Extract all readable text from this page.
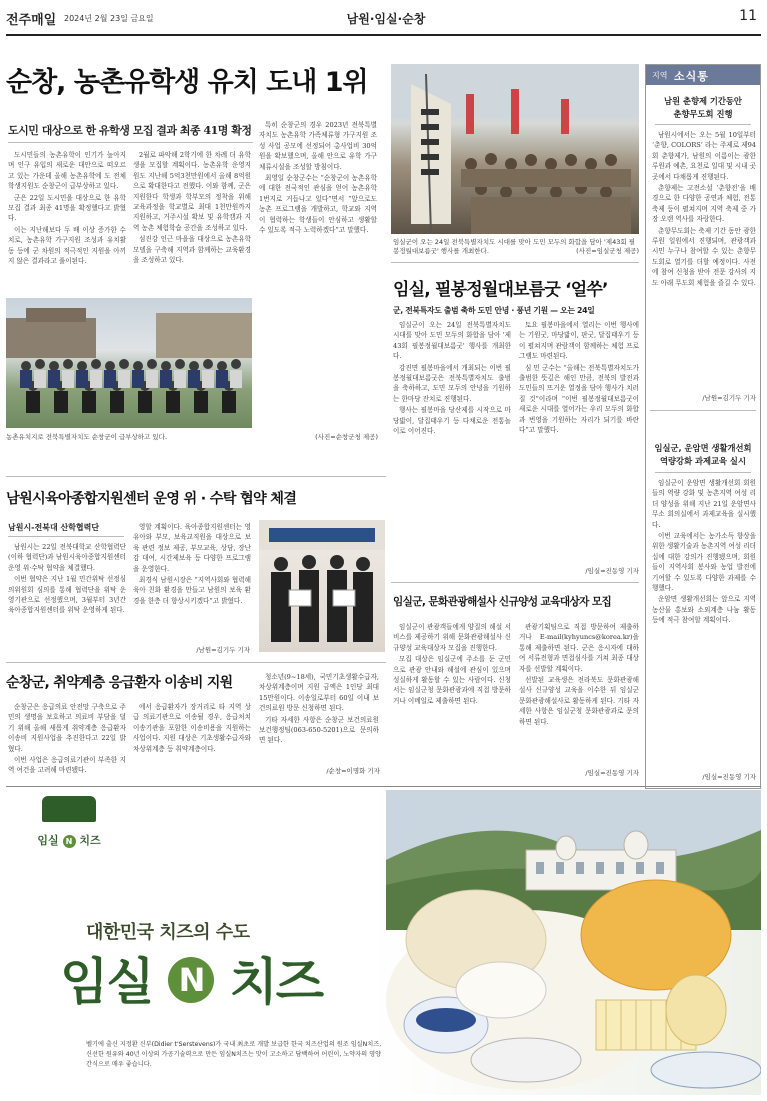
전주매일 2024년 2월 23일 금요일	남원·임실·순창	11
순창, 농촌유학생 유치 도내 1위
도시민 대상으로 한 유학생 모집 결과 최종 41명 확정

도시민들의 농촌유학이 인기가 높아지며 인구 유입의 새로운 대안으로 떠오르고 있는 가운데 올해 농촌유학에 도 전체학생지원도 순창군이 급부상하고 있다.

군은 22일 도시민을 대상으로 한 유학 모집 결과 최종 41명을 확정했다고 밝혔다.

이는 지난해보다 두 배 이상 증가한 수치로, 농촌유학 가구지원 조성과 유치활동 등에 군 차원의 적극적인 지원을 아끼지 않은 결과라고 풀이된다.

2월로 파악해 2학기에 한 차례 더 유학생을 모집할 계획이다. 농촌유학 운영지원도 지난해 5억3천만원에서 올해 8억원으로 확대한다고 전했다. 이와 함께, 군은 지원한다 학생과 학부모의 정착을 위해 교육과정을 학교별로 최대 1천만원까지 지원하고, 거주시설 확보 및 유학캠과 지역 농촌 체험학습 공간을 조성하고 있다.

섬진강 인근 마을을 대상으로 농촌유학 모델을 구축해 지역과 함께하는 교육환경을 조성하고 있다.

특히 순창군의 경우 2023년 전북특별자치도 농촌유학 가족체류형 가구지원 조성 사업 공모에 선정되어 총사업비 30억원을 확보했으며, 올해 안으로 유학 가구 체류시설을 조성할 방침이다.

최영일 순창군수는 “순창군이 농촌유학에 대한 전국적인 관심을 얻어 농촌유학 1번지로 거듭나고 있다”면서 “앞으로도 농촌 프로그램을 개발하고, 학교와 지역이 협력하는 학생들이 안심하고 생활할 수 있도록 적극 노력하겠다”고 말했다.

농촌유치지로 전북특별자치도 순창군이 급부상하고 있다.	(사진=순창군청 제공)
임실군이 오는 24일 전북특별자치도 시대를 맞아 도민 모두의 화합을 담아 '제43회 필봉정월대보름굿' 행사를 개최한다.	(사진=임실군청 제공)
임실, 필봉정월대보름굿 ‘얼쑤’
군, 전북특자도 출범 축하 도민 안녕 · 풍년 기원 — 오는 24일

임실군이 오는 24일 전북특별자치도 시대를 맞아 도민 모두의 화합을 담아 '제43회 필봉정월대보름굿' 행사를 개최한다.

강진면 필봉마을에서 개최되는 이번 필봉정월대보름굿은 전북특별자치도 출범을 축하하고, 도민 모두의 안녕을 기원하는 한마당 잔치로 진행된다.

행사는 필봉마을 당산제를 시작으로 마당밟이, 달집태우기 등 다채로운 전통놀이로 이어진다.

토요 필봉마을에서 열리는 이번 행사에는 기원굿, 마당밟이, 판굿, 달집태우기 등이 펼쳐지며 관람객이 함께하는 체험 프로그램도 마련된다.

심 민 군수는 “올해는 전북특별자치도가 출범한 뜻깊은 해인 만큼, 전북의 발전과 도민들의 뜨거운 열정을 담아 행사가 치러질 것”이라며 “이번 필봉정월대보름굿이 새로운 시대를 열어가는 우리 모두의 화합과 번영을 기원하는 자리가 되기를 바란다”고 말했다.

/임실=진동영 기자
지역 소식통
남원 춘향제 기간동안
춘향무도회 진행

남원시에서는 오는 5월 10일부터 ‘춘향, COLORS’ 라는 주제로 제94회 춘향제가, 남원의 이름이는 광한루원과 예촌, 요천로 일대 및 시내 곳곳에서 다채롭게 진행된다.

춘향제는 고전소설 ‘춘향전’을 배경으로 한 다양한 공연과 체험, 전통축제 등이 펼쳐지며 지역 축제 중 가장 오랜 역사를 자랑한다.

춘향무도회는 축제 기간 동안 광한루원 일원에서 진행되며, 관광객과 시민 누구나 참여할 수 있는 춘향무도회로 열기를 더할 예정이다. 사전에 참여 신청을 받아 전문 강사의 지도 아래 무도회 체험을 즐길 수 있다.

/남원=김기두 기자
임실군, 운암면 생활개선회
역량강화 과제교육 실시

임실군이 운암면 생활개선회 회원들의 역량 강화 및 농촌지역 여성 리더 양성을 위해 지난 21일 운암면사무소 회의실에서 과제교육을 실시했다.

이번 교육에서는 농가소득 향상을 위한 생활기술과 농촌지역 여성 리더십에 대한 강의가 진행됐으며, 회원들이 지역사회 봉사와 농업 발전에 기여할 수 있도록 다양한 과제를 수행했다.

운암면 생활개선회는 앞으로 지역 농산물 홍보와 소외계층 나눔 활동 등에 적극 참여할 계획이다.

/임실=진동영 기자
남원시육아종합지원센터 운영 위 · 수탁 협약 체결
남원시-전북대 산학협력단

남원시는 22일 전북대학교 산학협력단(이하 협력단)과 남원시육아종합지원센터 운영 위·수탁 협약을 체결했다.

이번 협약은 지난 1월 민간위탁 선정심의위원회 심의를 통해 협력단을 위탁 운영기관으로 선정했으며, 3월부터 3년간 육아종합지원센터를 위탁 운영하게 된다.

영할 계획이다. 육아종합지원센터는 영유아와 부모, 보육교직원을 대상으로 보육 관련 정보 제공, 부모교육, 상담, 장난감 대여, 시간제보육 등 다양한 프로그램을 운영한다.

최경식 남원시장은 “지역사회와 협력해 육아 친화 환경을 만들고 남원의 보육 환경을 한층 더 향상시키겠다”고 밝혔다.

/남원=김기두 기자
순창군, 취약계층 응급환자 이송비 지원

순창군은 응급의료 안전망 구축으로 주민의 생명을 보호하고 의료비 부담을 덜기 위해 올해 새롭게 취약계층 응급환자 이송비 지원사업을 추진한다고 22일 밝혔다.

이번 사업은 응급의료기관이 부족한 지역 여건을 고려해 마련됐다.

에서 응급환자가 장거리로 타 지역 상급 의료기관으로 이송될 경우, 응급처치 이송기관을 포함한 이송비용을 지원하는 사업이다. 지원 대상은 기초생활수급자와 차상위계층 등 취약계층이다.

청소년(9~18세), 국민기초생활수급자, 차상위계층이며 지원 금액은 1인당 최대 15만원이다. 이송일로부터 60일 이내 보건의료원 방문 신청하면 된다.

기타 자세한 사항은 순창군 보건의료원 보건행정팀(063-650-5201)으로 문의하면 된다.

/순창=이명화 기자
임실군, 문화관광해설사 신규양성 교육대상자 모집

임실군이 관광객들에게 양질의 해설 서비스를 제공하기 위해 문화관광해설사 신규양성 교육대상자 모집을 진행한다.

모집 대상은 임실군에 주소를 둔 군민으로 관광 안내와 해설에 관심이 있으며 성실하게 활동할 수 있는 사람이다. 신청서는 임실군청 문화관광과에 직접 방문하거나 이메일로 제출하면 된다.

관광기획팀으로 직접 방문하여 제출하거나 E-mail(kyhyuncs@korea.kr)을 통해 제출하면 된다. 군은 응시자에 대하여 서류전형과 면접심사를 거쳐 최종 대상자를 선발할 계획이다.

선발된 교육생은 전라북도 문화관광해설사 신규양성 교육을 이수한 뒤 임실군 문화관광해설사로 활동하게 된다. 기타 자세한 사항은 임실군청 문화관광과로 문의하면 된다.

/임실=진동영 기자
임실 N 치즈
대한민국 치즈의 수도
임실 N 치즈
벨기에 출신 지정환 신부(Didier t'Serstevens)가 국내 최초로 개발 보급한 한국 치즈산업의 원조 임실N치즈, 신선한 원유와 40년 이상의 가공기술력으로 만든 임실N치즈는 맛이 고소하고 담백하여 어린이, 노약자의 영양간식으로 매우 좋습니다.
